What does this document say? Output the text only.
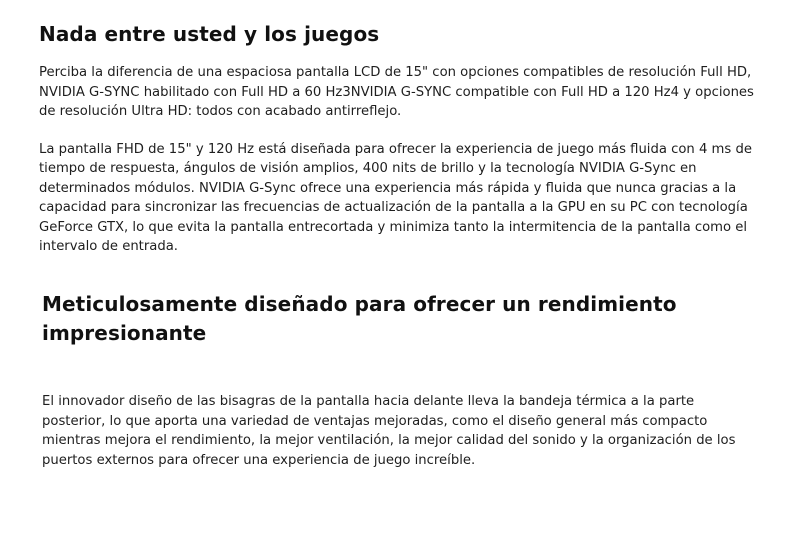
Nada entre usted y los juegos

Perciba la diferencia de una espaciosa pantalla LCD de 15" con opciones compatibles de resolución Full HD, NVIDIA G-SYNC habilitado con Full HD a 60 Hz3NVIDIA G-SYNC compatible con Full HD a 120 Hz4 y opciones de resolución Ultra HD: todos con acabado antirreflejo.

La pantalla FHD de 15" y 120 Hz está diseñada para ofrecer la experiencia de juego más fluida con 4 ms de tiempo de respuesta, ángulos de visión amplios, 400 nits de brillo y la tecnología NVIDIA G-Sync en determinados módulos. NVIDIA G-Sync ofrece una experiencia más rápida y fluida que nunca gracias a la capacidad para sincronizar las frecuencias de actualización de la pantalla a la GPU en su PC con tecnología GeForce GTX, lo que evita la pantalla entrecortada y minimiza tanto la intermitencia de la pantalla como el intervalo de entrada.

Meticulosamente diseñado para ofrecer un rendimiento impresionante

El innovador diseño de las bisagras de la pantalla hacia delante lleva la bandeja térmica a la parte posterior, lo que aporta una variedad de ventajas mejoradas, como el diseño general más compacto mientras mejora el rendimiento, la mejor ventilación, la mejor calidad del sonido y la organización de los puertos externos para ofrecer una experiencia de juego increíble.
